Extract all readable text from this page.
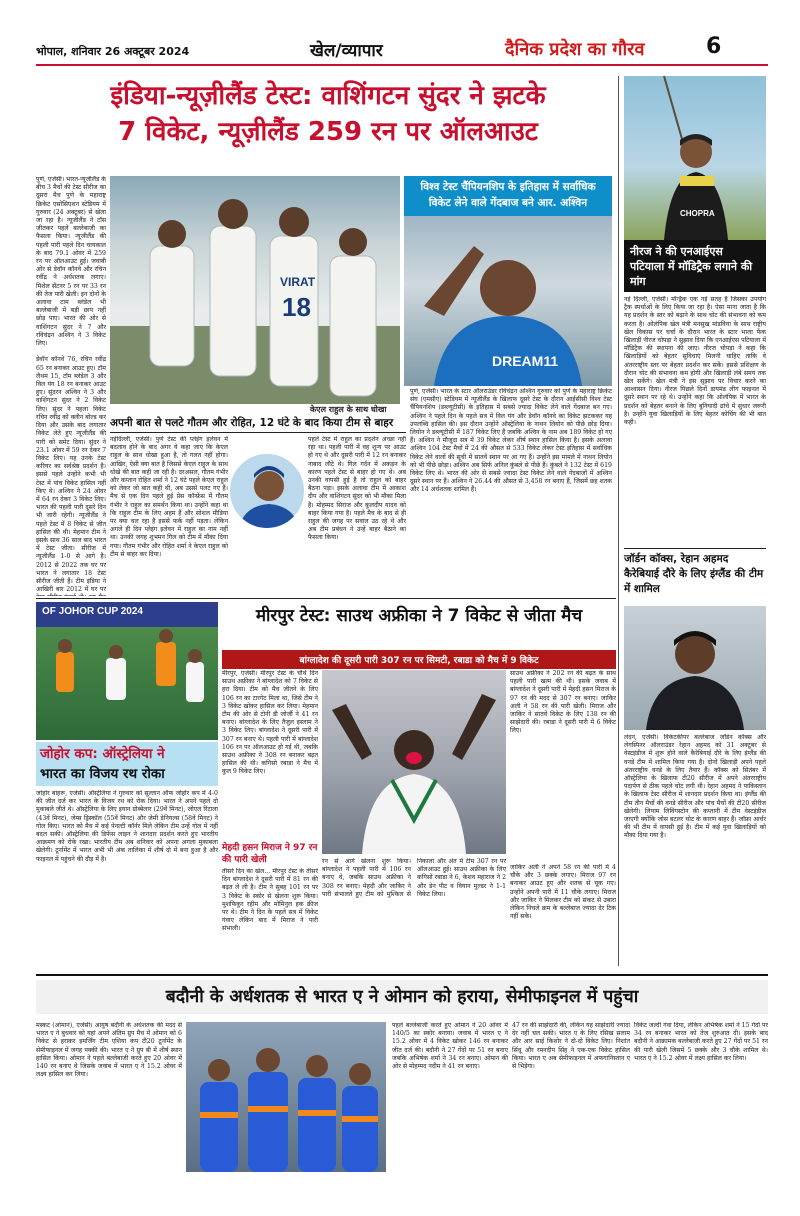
भोपाल, शनिवार 26 अक्टूबर 2024	खेल/व्यापार	दैनिक प्रदेश का गौरव	6
इंडिया-न्यूज़ीलैंड टेस्ट: वाशिंगटन सुंदर ने झटके
7 विकेट, न्यूज़ीलैंड 259 रन पर ऑलआउट
पुणे, एजेंसी। भारत-न्यूजीलैंड के बीच 3 मैचों की टेस्ट सीरीज का दूसरा मैच पुणे के महाराष्ट्र क्रिकेट एसोसिएशन स्टेडियम में गुरुवार (24 अक्टूबर) से खेला जा रहा है। न्यूजीलैंड ने टॉस जीतकर पहले बल्लेबाजी का फैसला किया। न्यूजीलैंड की पहली पारी पहले दिन चायकाल के बाद 79.1 ओवर में 259 रन पर ऑलआउट हुई। जवाबी ओर से डेवॉन कॉनवे और रचिन रवींद्र ने अर्धशतक लगाए। मिशेल सेंटनर 5 रन पर 33 रन की तेज पारी खेली। इन दोनों के अलावा टाम ब्लंडेल भी बल्लेबाजी में बड़ी छाप नहीं छोड़ पाए। भारत की ओर से वाशिंगटन सुंदर ने 7 और रविचंद्रन अश्विन ने 3 विकेट लिए।

डेवॉन कॉनवे 76, रचिन रवींद्र 65 रन बनाकर आउट हुए। टॉम लैथम 15, टॉम ब्लंडेल 3 और विल यंग 18 रन बनाकर आउट हुए। सुंदरन अश्विन ने 3 और वाशिंगटन सुंदर ने 2 विकेट लिए। सुंदर ने पहला विकेट रचिन रवींद्र को क्लीन बोल्ड कर दिया और उसके बाद लगातार विकेट लेते हुए न्यूजीलैंड की पारी को समेट दिया। सुंदर ने 23.1 ओवर में 59 रन देकर 7 विकेट लिए। यह उनके टेस्ट करियर का सर्वश्रेष्ठ प्रदर्शन है। इससे पहले उन्होंने कभी भी टेस्ट में पांच विकेट हासिल नहीं किए थे। अश्विन ने 24 ओवर में 64 रन देकर 3 विकेट लिए। भारत की पहली पारी दूसरे दिन भी जारी रहेगी। न्यूजीलैंड ने पहले टेस्ट में 8 विकेट से जीत हासिल की थी। मेहमान टीम ने इसके साथ 36 साल बाद भारत में टेस्ट जीता। सीरीज में न्यूजीलैंड 1-0 से आगे है। 2012 से 2022 तक घर पर भारत ने लगातार 18 टेस्ट सीरीज जीती हैं। टीम इंडिया ने आखिरी बार 2012 में घर पर
VIRAT
18
केएल राहुल के साथ धोखा
विश्व टेस्ट चैंपियनशिप के इतिहास में सर्वाधिक विकेट लेने वाले गेंदबाज बने आर. अश्विन
DREAM11
पुणे, एजेंसी। भारत के स्टार ऑलराउंडर रविचंद्रन अश्विन गुरुवार को पुणे के महाराष्ट्र क्रिकेट संघ (एमसीए) स्टेडियम में न्यूजीलैंड के खिलाफ दूसरे टेस्ट के दौरान आईसीसी विश्व टेस्ट चैंपियनशिप (डब्ल्यूटीसी) के इतिहास में सबसे ज्यादा विकेट लेने वाले गेंदबाज बन गए। अश्विन ने पहले दिन के पहले सत्र में विल यंग और डेवॉन कॉनवे का विकेट झटककर यह उपलब्धि हासिल की। इस दौरान उन्होंने ऑस्ट्रेलिया के नाथन लियोन को पीछे छोड़ दिया। लियोन ने डब्ल्यूटीसी में 187 विकेट लिए हैं जबकि अश्विन के नाम अब 189 विकेट हो गए हैं। अश्विन ने मौजूदा सत्र में 39 विकेट लेकर शीर्ष स्थान हासिल किया है। इसके अलावा अश्विन 104 टेस्ट मैचों में 24 की औसत से 533 विकेट लेकर टेस्ट इतिहास में सर्वाधिक विकेट लेने वालों की सूची में सातवें स्थान पर आ गए हैं। उन्होंने इस मामले में नाथन लियोन को भी पीछे छोड़ा। अश्विन अब सिर्फ अनिल कुंबले से पीछे हैं। कुंबले ने 132 टेस्ट में 619 विकेट लिए थे। भारत की ओर से सबसे ज्यादा टेस्ट विकेट लेने वाले गेंदबाजों में अश्विन दूसरे स्थान पर हैं। अश्विन ने 26.44 की औसत से 3,458 रन बनाए हैं, जिसमें छह शतक और 14 अर्धशतक शामिल हैं।
अपनी बात से पलटे गौतम और रोहित, 12 घंटे के बाद किया टीम से बाहर
नईदिल्ली, एजेंसी। पुणे टेस्ट की प्लेइंग इलेवन में बदलाव होने के बाद अगर ये कहा जाए कि केएल राहुल के साथ धोखा हुआ है, तो गलत नहीं होगा। आखिर, ऐसी क्या बात है जिससे केएल राहुल के साथ धोखे की बात कही जा रही है। दरअसल, गौतम गंभीर और कप्तान रोहित शर्मा ने 12 घंटे पहले केएल राहुल को लेकर जो बात कही थी, अब उससे पलट गए हैं। मैच से एक दिन पहले हुई प्रेस कॉन्फ्रेंस में गौतम गंभीर ने राहुल का समर्थन किया था। उन्होंने कहा था कि राहुल टीम के लिए अहम हैं और सोशल मीडिया पर क्या चल रहा है इससे फर्क नहीं पड़ता। लेकिन अगले ही दिन प्लेइंग इलेवन में राहुल का नाम नहीं था। उनकी जगह शुभमन गिल को टीम में मौका दिया गया। गौतम गंभीर और रोहित शर्मा ने केएल राहुल को टीम से बाहर कर दिया।
पहले टेस्ट में राहुल का प्रदर्शन अच्छा नहीं रहा था। पहली पारी में वह शून्य पर आउट हो गए थे और दूसरी पारी में 12 रन बनाकर नाबाद लौटे थे। गिल गर्दन में अकड़न के कारण पहले टेस्ट से बाहर हो गए थे। अब उनकी वापसी हुई है तो राहुल को बाहर बैठना पड़ा। इसके अलावा टीम में आकाश दीप और वाशिंगटन सुंदर को भी मौका मिला है। मोहम्मद सिराज और कुलदीप यादव को बाहर किया गया है। पहले मैच के बाद से ही राहुल की जगह पर सवाल उठ रहे थे और अब टीम प्रबंधन ने उन्हें बाहर बैठाने का फैसला किया।
CHOPRA
नीरज ने की एनआईएस पटियाला में मॉडिट्रैक लगाने की मांग
नई दिल्ली, एजेंसी। मॉन्ड्रैक एक नई सतह है जिसका उपयोग ट्रैक स्पर्धाओं के लिए किया जा रहा है। ऐसा माना जाता है कि यह प्रदर्शन के स्तर को बढ़ाने के साथ चोट की संभावना को कम करता है। ओलंपिक खेल मंत्री मनसुख मांडविया के साथ राष्ट्रीय खेल विकास पर चर्चा के दौरान भारत के स्टार भाला फेंक खिलाड़ी नीरज चोपड़ा ने सुझाव दिया कि एनआईएस पटियाला में मॉडिट्रैक की स्थापना की जाए। नीरज चोपड़ा ने कहा कि खिलाड़ियों को बेहतर सुविधाएं मिलनी चाहिए ताकि वे अंतरराष्ट्रीय स्तर पर बेहतर प्रदर्शन कर सकें। इससे प्रशिक्षण के दौरान चोट की संभावना कम होगी और खिलाड़ी लंबे समय तक खेल सकेंगे। खेल मंत्री ने इस सुझाव पर विचार करने का आश्वासन दिया। नीरज पिछले दिनों डायमंड लीग फाइनल में दूसरे स्थान पर रहे थे। उन्होंने कहा कि ओलंपिक में भारत के प्रदर्शन को बेहतर बनाने के लिए बुनियादी ढांचे में सुधार जरूरी है। उन्होंने युवा खिलाड़ियों के लिए बेहतर कोचिंग की भी बात कही।
जॉर्डन कॉक्स, रेहान अहमद कैरेबियाई दौरे के लिए इंग्लैंड की टीम में शामिल
लंदन, एजेंसी। विकेटकीपर बल्लेबाज जॉर्डन कॉक्स और लेगस्पिनर ऑलराउंडर रेहान अहमद को 31 अक्टूबर से वेस्टइंडीज में शुरू होने वाले कैरेबियाई दौरे के लिए इंग्लैंड की वनडे टीम में शामिल किया गया है। दोनों खिलाड़ी अपने पहले अंतरराष्ट्रीय वनडे के लिए तैयार हैं। कॉक्स को सितंबर में ऑस्ट्रेलिया के खिलाफ टी20 सीरीज में अपने अंतरराष्ट्रीय पदार्पण से ठीक पहले चोट लगी थी। रेहान अहमद ने पाकिस्तान के खिलाफ टेस्ट सीरीज में शानदार प्रदर्शन किया था। इंग्लैंड की टीम तीन मैचों की वनडे सीरीज और पांच मैचों की टी20 सीरीज खेलेगी। लियाम लिविंगस्टोन की कप्तानी में टीम वेस्टइंडीज जाएगी क्योंकि जोस बटलर चोट के कारण बाहर हैं। जॉफ्रा आर्चर की भी टीम में वापसी हुई है। टीम में कई युवा खिलाड़ियों को मौका दिया गया है।
OF JOHOR CUP 2024
जोहोर कप: ऑस्ट्रेलिया ने
भारत का विजय रथ रोका
जोहोर बाहरू, एजेंसी। ऑस्ट्रेलिया ने गुरुवार को सुल्तान ऑफ जोहोर कप में 4-0 की जीत दर्ज कर भारत के विजय रथ को रोक दिया। भारत ने अपने पहले दो मुकाबले जीते थे। ऑस्ट्रेलिया के लिए इयान ग्रोब्बेलार (29वें मिनट), जोएल रिंटाला (43वें मिनट), जेम्स ड्रिस्कॉल (55वें मिनट) और जेमी डेनियल्स (58वें मिनट) ने गोल किए। भारत को मैच में कई पेनल्टी कॉर्नर मिले लेकिन टीम उन्हें गोल में नहीं बदल सकी। ऑस्ट्रेलिया की डिफेंस लाइन ने शानदार प्रदर्शन करते हुए भारतीय आक्रमण को रोके रखा। भारतीय टीम अब शनिवार को अपना अगला मुकाबला खेलेगी। टूर्नामेंट में भारत अभी भी अंक तालिका में शीर्ष दो में बना हुआ है और फाइनल में पहुंचने की दौड़ में है।
मीरपुर टेस्ट: साउथ अफ्रीका ने 7 विकेट से जीता मैच
बांग्लादेश की दूसरी पारी 307 रन पर सिमटी, रबाडा को मैच में 9 विकेट
मीरपुर, एजेंसी। मीरपुर टेस्ट के चौथे दिन साउथ अफ्रीका ने बांग्लादेश को 7 विकेट से हरा दिया। टीम को मैच जीतने के लिए 106 रन का टारगेट मिला था, जिसे टीम ने 3 विकेट खोकर हासिल कर लिया। मेहमान टीम की ओर से टोनी डी जोर्जी ने 41 रन बनाए। बांग्लादेश के लिए तैजुल इस्लाम ने 3 विकेट लिए। बांग्लादेश ने दूसरी पारी में 307 रन बनाए थे। पहली पारी में बांग्लादेश 106 रन पर ऑलआउट हो गई थी, जबकि साउथ अफ्रीका ने 308 रन बनाकर बढ़त हासिल की थी। कगिसो रबाडा ने मैच में कुल 9 विकेट लिए।
साउथ अफ्रीका ने 202 रन की बढ़त के साथ पहली पारी खत्म की थी। इसके जवाब में बांग्लादेश ने दूसरी पारी में मेहदी हसन मिराज के 97 रन की मदद से 307 रन बनाए। जाकिर अली ने 58 रन की पारी खेली। मिराज और जाकिर ने सातवें विकेट के लिए 138 रन की साझेदारी की। रबाडा ने दूसरी पारी में 6 विकेट लिए।
मेहदी हसन मिराज ने 97 रन की पारी खेली
तीसरे दिन का खेल... मीरपुर टेस्ट के तीसरे दिन बांग्लादेश ने दूसरी पारी में 81 रन की बढ़त ले ली है। टीम ने सुबह 101 रन पर 3 विकेट के स्कोर से खेलना शुरू किया। मुशफिकुर रहीम और मोमिनुल हक क्रीज पर थे। टीम ने दिन के पहले सत्र में विकेट गंवाए लेकिन बाद में मिराज ने पारी संभाली।
रन से आगे खेलना शुरू किया। बांग्लादेश ने पहली पारी में 106 रन बनाए थे, जबकि साउथ अफ्रीका ने 308 रन बनाए। मेहदी और जाकिर ने पारी संभालते हुए टीम को मुश्किल से निकाला और अंत में टीम 307 रन पर ऑलआउट हुई। साउथ अफ्रीका के लिए कगिसो रबाडा ने 6, केशव महाराज ने 2 और डेन पीट व वियान मुल्डर ने 1-1 विकेट लिया।
जाकिर अली ने अपने 58 रन की पारी में 4 चौके और 3 छक्के लगाए। मिराज 97 रन बनाकर आउट हुए और शतक से चूक गए। उन्होंने अपनी पारी में 11 चौके लगाए। मिराज और जाकिर ने मिलकर टीम को संकट से उबारा लेकिन निचले क्रम के बल्लेबाज ज्यादा देर टिक नहीं सके।
बदौनी के अर्धशतक से भारत ए ने ओमान को हराया, सेमीफाइनल में पहुंचा
मस्कट (ओमान), एजेंसी। आयुष बदौनी के अर्धशतक की मदद से भारत ए ने बुधवार को यहां अपने अंतिम ग्रुप मैच में ओमान को 6 विकेट से हराकर इमर्जिंग टीम एशिया कप टी20 टूर्नामेंट के सेमीफाइनल में जगह पक्की की। भारत ए ने ग्रुप बी में शीर्ष स्थान हासिल किया। ओमान ने पहले बल्लेबाजी करते हुए 20 ओवर में 140 रन बनाए थे जिसके जवाब में भारत ए ने 15.2 ओवर में लक्ष्य हासिल कर लिया।
पहले बल्लेबाजी करते हुए ओमान ने 20 ओवर में 140/5 का स्कोर बनाया। जवाब में भारत ए ने 15.2 ओवर में 4 विकेट खोकर 146 रन बनाकर जीत दर्ज की। बदौनी ने 27 गेंदों पर 51 रन बनाए जबकि अभिषेक शर्मा ने 34 रन बनाए। ओमान की ओर से मोहम्मद नदीम ने 41 रन बनाए।
47 रन की साझेदारी की, लेकिन यह साझेदारी ज्यादा देर नहीं चल सकी। भारत ए के लिए रसिख सलाम और आर साई किशोर ने दो-दो विकेट लिए। निशांत सिंधू और रमनदीप सिंह ने एक-एक विकेट हासिल किया। भारत ए अब सेमीफाइनल में अफगानिस्तान ए से भिड़ेगा।
विकेट जल्दी गंवा दिया, लेकिन अभिषेक शर्मा ने 15 गेंदों पर 34 रन बनाकर भारत को तेज शुरुआत दी। इसके बाद बदौनी ने आक्रामक बल्लेबाजी करते हुए 27 गेंदों पर 51 रन की पारी खेली जिसमें 5 छक्के और 3 चौके शामिल थे। भारत ए ने 15.2 ओवर में लक्ष्य हासिल कर लिया।
